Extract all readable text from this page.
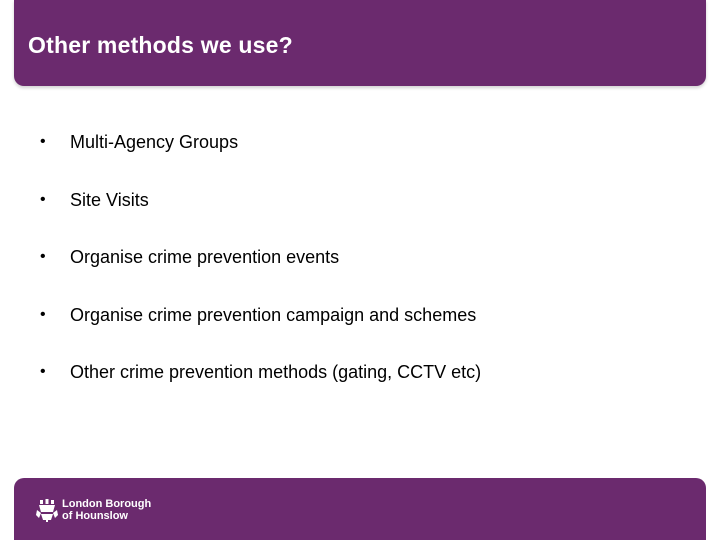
Other methods we use?
•	Multi-Agency Groups
•	Site Visits
•	Organise crime prevention events
•	Organise crime prevention campaign and schemes
•	Other crime prevention methods (gating, CCTV etc)
London Borough
of Hounslow
